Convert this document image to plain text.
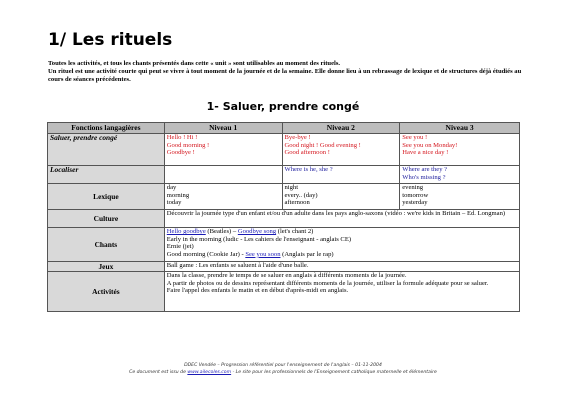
1/ Les rituels

Toutes les activités, et tous les chants présentés dans cette « unit » sont utilisables au moment des rituels.

Un rituel est une activité courte qui peut se vivre à tout moment de la journée et de la semaine. Elle donne lieu à un rebrassage de lexique et de structures déjà étudiés au cours de séances précédentes.

1- Saluer, prendre congé
Fonctions langagières	Niveau 1	Niveau 2	Niveau 3
Saluer, prendre congé	Hello ! Hi !
Good morning !
Goodbye !	Bye-bye !
Good night ! Good evening !
Good afternoon !	See you !
See you on Monday!
Have a nice day !

Localiser		Where is he, she ?	Where are they ?
Who's missing ?

Lexique	day
morning
today	night
every.. (day)
afternoon	evening
tomorrow
yesterday

Culture	Découvrir la journée type d'un enfant et/ou d'un adulte dans les pays anglo-saxons (vidéo : we're kids in Britain – Ed. Longman)		
Chants	Hello goodbye (Beatles) – Goodbye song (let's chant 2)
Early in the morning (ludic - Les cahiers de l'enseignant - anglais CE)
Ernie (jet)
Good morning (Cookie Jar) - See you soon (Anglais par le rap)		

Jeux	Ball game : Les enfants se saluent à l'aide d'une balle.		
Activités	Dans la classe, prendre le temps de se saluer en anglais à différents moments de la journée.
A partir de photos ou de dessins représentant différents moments de la journée, utiliser la formule adéquate pour se saluer.
Faire l'appel des enfants le matin et en début d'après-midi en anglais.		
DDEC Vendée – Progression référentiel pour l'enseignement de l'anglais – 01-11-2004
Ce document est issu de www.ailecoles.com - Le site pour les professionnels de l'Enseignement catholique maternelle et élémentaire
